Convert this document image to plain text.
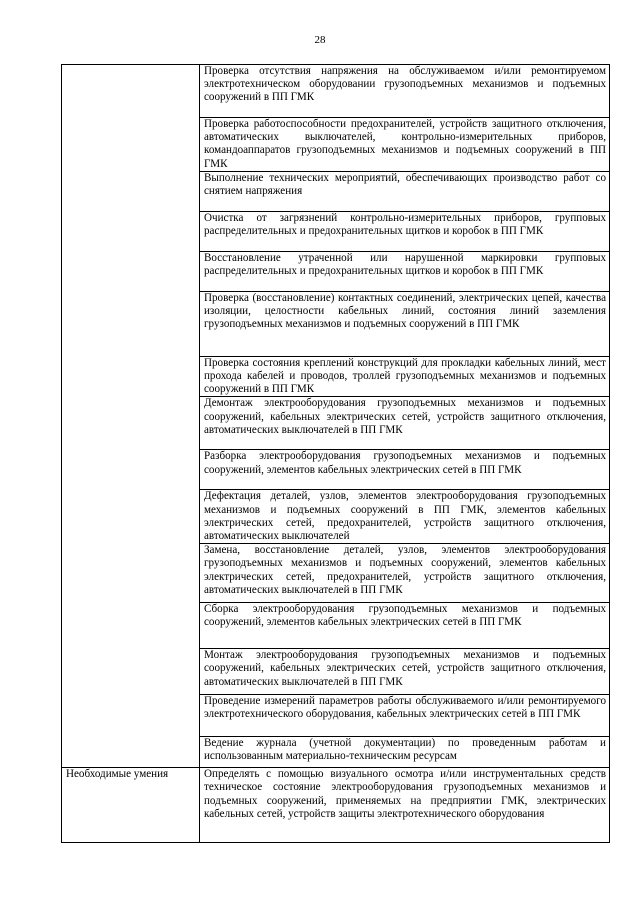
28
	Проверка отсутствия напряжения на обслуживаемом и/или ремонтируемом электротехническом оборудовании грузоподъемных механизмов и подъемных сооружений в ПП ГМК
	Проверка работоспособности предохранителей, устройств защитного отключения, автоматических выключателей, контрольно-измерительных приборов, командоаппаратов грузоподъемных механизмов и подъемных сооружений в ПП ГМК
	Выполнение технических мероприятий, обеспечивающих производство работ со снятием напряжения
	Очистка от загрязнений контрольно-измерительных приборов, групповых распределительных и предохранительных щитков и коробок в ПП ГМК
	Восстановление утраченной или нарушенной маркировки групповых распределительных и предохранительных щитков и коробок в ПП ГМК
	Проверка (восстановление) контактных соединений, электрических цепей, качества изоляции, целостности кабельных линий, состояния линий заземления грузоподъемных механизмов и подъемных сооружений в ПП ГМК
	Проверка состояния креплений конструкций для прокладки кабельных линий, мест прохода кабелей и проводов, троллей грузоподъемных механизмов и подъемных сооружений в ПП ГМК
	Демонтаж электрооборудования грузоподъемных механизмов и подъемных сооружений, кабельных электрических сетей, устройств защитного отключения, автоматических выключателей в ПП ГМК
	Разборка электрооборудования грузоподъемных механизмов и подъемных сооружений, элементов кабельных электрических сетей в ПП ГМК
	Дефектация деталей, узлов, элементов электрооборудования грузоподъемных механизмов и подъемных сооружений в ПП ГМК, элементов кабельных электрических сетей, предохранителей, устройств защитного отключения, автоматических выключателей
	Замена, восстановление деталей, узлов, элементов электрооборудования грузоподъемных механизмов и подъемных сооружений, элементов кабельных электрических сетей, предохранителей, устройств защитного отключения, автоматических выключателей в ПП ГМК
	Сборка электрооборудования грузоподъемных механизмов и подъемных сооружений, элементов кабельных электрических сетей в ПП ГМК
	Монтаж электрооборудования грузоподъемных механизмов и подъемных сооружений, кабельных электрических сетей, устройств защитного отключения, автоматических выключателей в ПП ГМК
	Проведение измерений параметров работы обслуживаемого и/или ремонтируемого электротехнического оборудования, кабельных электрических сетей в ПП ГМК
	Ведение журнала (учетной документации) по проведенным работам и использованным материально-техническим ресурсам
Необходимые умения	Определять с помощью визуального осмотра и/или инструментальных средств техническое состояние электрооборудования грузоподъемных механизмов и подъемных сооружений, применяемых на предприятии ГМК, электрических кабельных сетей, устройств защиты электротехнического оборудования
